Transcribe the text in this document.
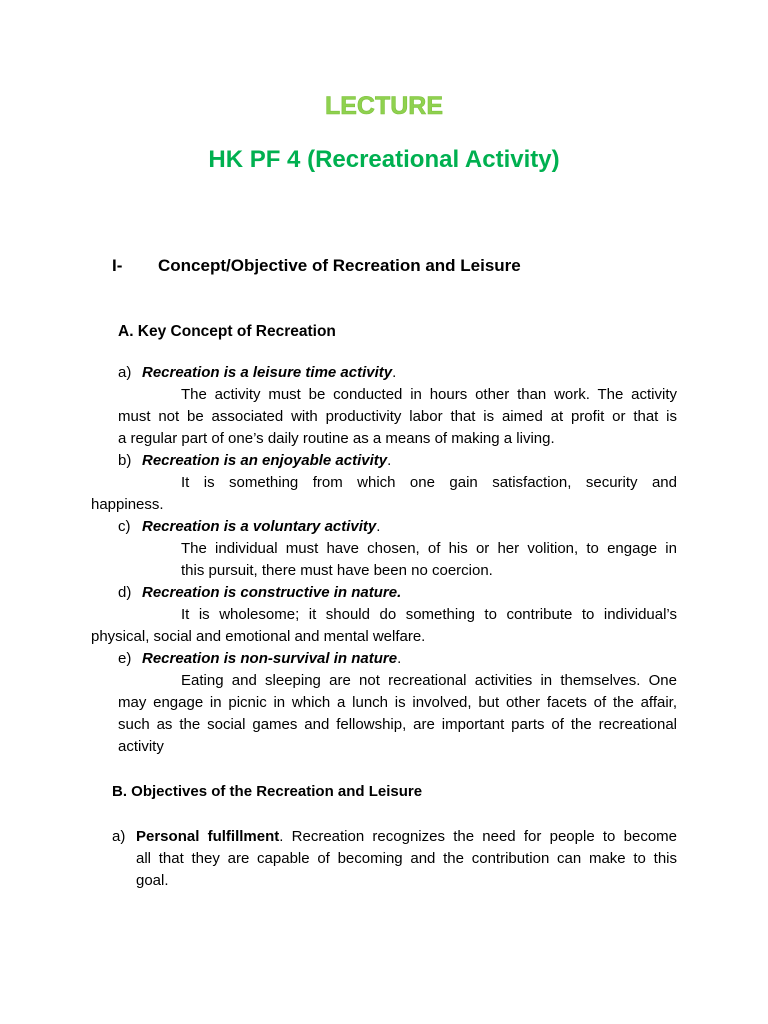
LECTURE
HK PF 4 (Recreational Activity)
I- Concept/Objective of Recreation and Leisure
A. Key Concept of Recreation
a) Recreation is a leisure time activity.
The activity must be conducted in hours other than work. The activity
must not be associated with productivity labor that is aimed at profit or that is
a regular part of one’s daily routine as a means of making a living.
b) Recreation is an enjoyable activity.
It is something from which one gain satisfaction, security and
happiness.
c) Recreation is a voluntary activity.
The individual must have chosen, of his or her volition, to engage in
this pursuit, there must have been no coercion.
d) Recreation is constructive in nature.
It is wholesome; it should do something to contribute to individual’s
physical, social and emotional and mental welfare.
e) Recreation is non-survival in nature.
Eating and sleeping are not recreational activities in themselves. One
may engage in picnic in which a lunch is involved, but other facets of the affair,
such as the social games and fellowship, are important parts of the recreational
activity
B. Objectives of the Recreation and Leisure
a) Personal fulfillment. Recreation recognizes the need for people to become
all that they are capable of becoming and the contribution can make to this
goal.
